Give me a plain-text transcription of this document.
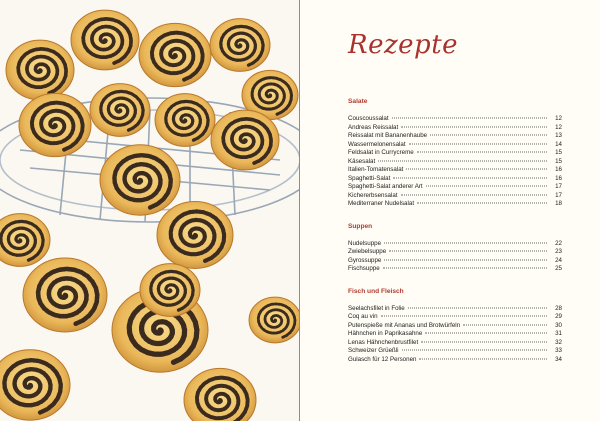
Rezepte
Salate
Couscoussalat	12
Andreas Reissalat	12
Reissalat mit Bananenhaube	13
Wassermelonensalat	14
Feldsalat in Currycreme	15
Käsesalat	15
Italien-Tomatensalat	16
Spaghetti-Salat	16
Spaghetti-Salat anderer Art	17
Kichererbsensalat	17
Mediterraner Nudelsalat	18
Suppen
Nudelsuppe	22
Zwiebelsuppe	23
Gyrossuppe	24
Fischsuppe	25
Fisch und Fleisch
Seelachsfilet in Folie	28
Coq au vin	29
Putenspieße mit Ananas und Brotwürfeln	30
Hähnchen in Paprikasahne	31
Lenas Hähnchenbrustfilet	32
Schweizer Grüeßli	33
Gulasch für 12 Personen	34
